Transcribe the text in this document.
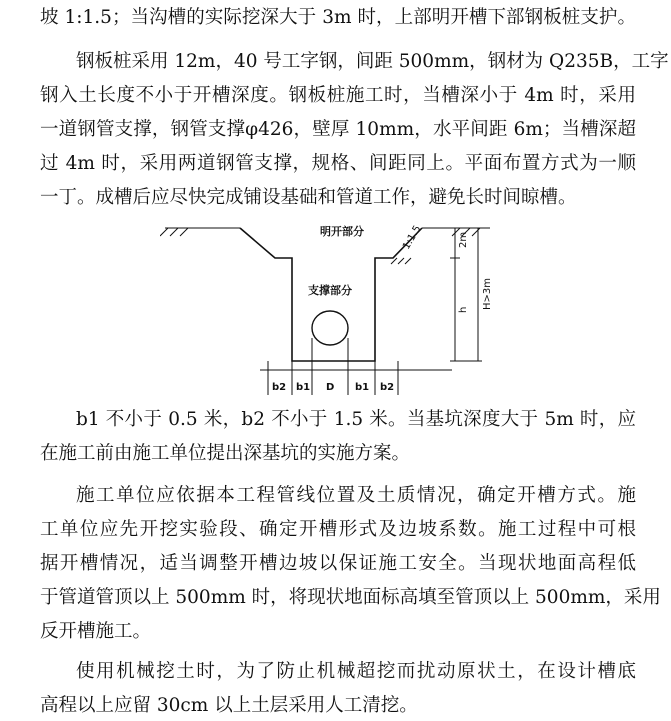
坡 1:1.5；当沟槽的实际挖深大于 3m 时，上部明开槽下部钢板桩支护。
钢板桩采用 12m，40 号工字钢，间距 500mm，钢材为 Q235B，工字
钢入土长度不小于开槽深度。钢板桩施工时，当槽深小于 4m 时，采用
一道钢管支撑，钢管支撑φ426，壁厚 10mm，水平间距 6m；当槽深超
过 4m 时，采用两道钢管支撑，规格、间距同上。平面布置方式为一顺
一丁。成槽后应尽快完成铺设基础和管道工作，避免长时间晾槽。
明开部分
支撑部分
1:1.5	2m
h H>3m
b2 b1 D b1 b2
b1 不小于 0.5 米，b2 不小于 1.5 米。当基坑深度大于 5m 时，应
在施工前由施工单位提出深基坑的实施方案。
施工单位应依据本工程管线位置及土质情况，确定开槽方式。施
工单位应先开挖实验段、确定开槽形式及边坡系数。施工过程中可根
据开槽情况，适当调整开槽边坡以保证施工安全。当现状地面高程低
于管道管顶以上 500mm 时，将现状地面标高填至管顶以上 500mm，采用
反开槽施工。
使用机械挖土时，为了防止机械超挖而扰动原状土，在设计槽底
高程以上应留 30cm 以上土层采用人工清挖。
